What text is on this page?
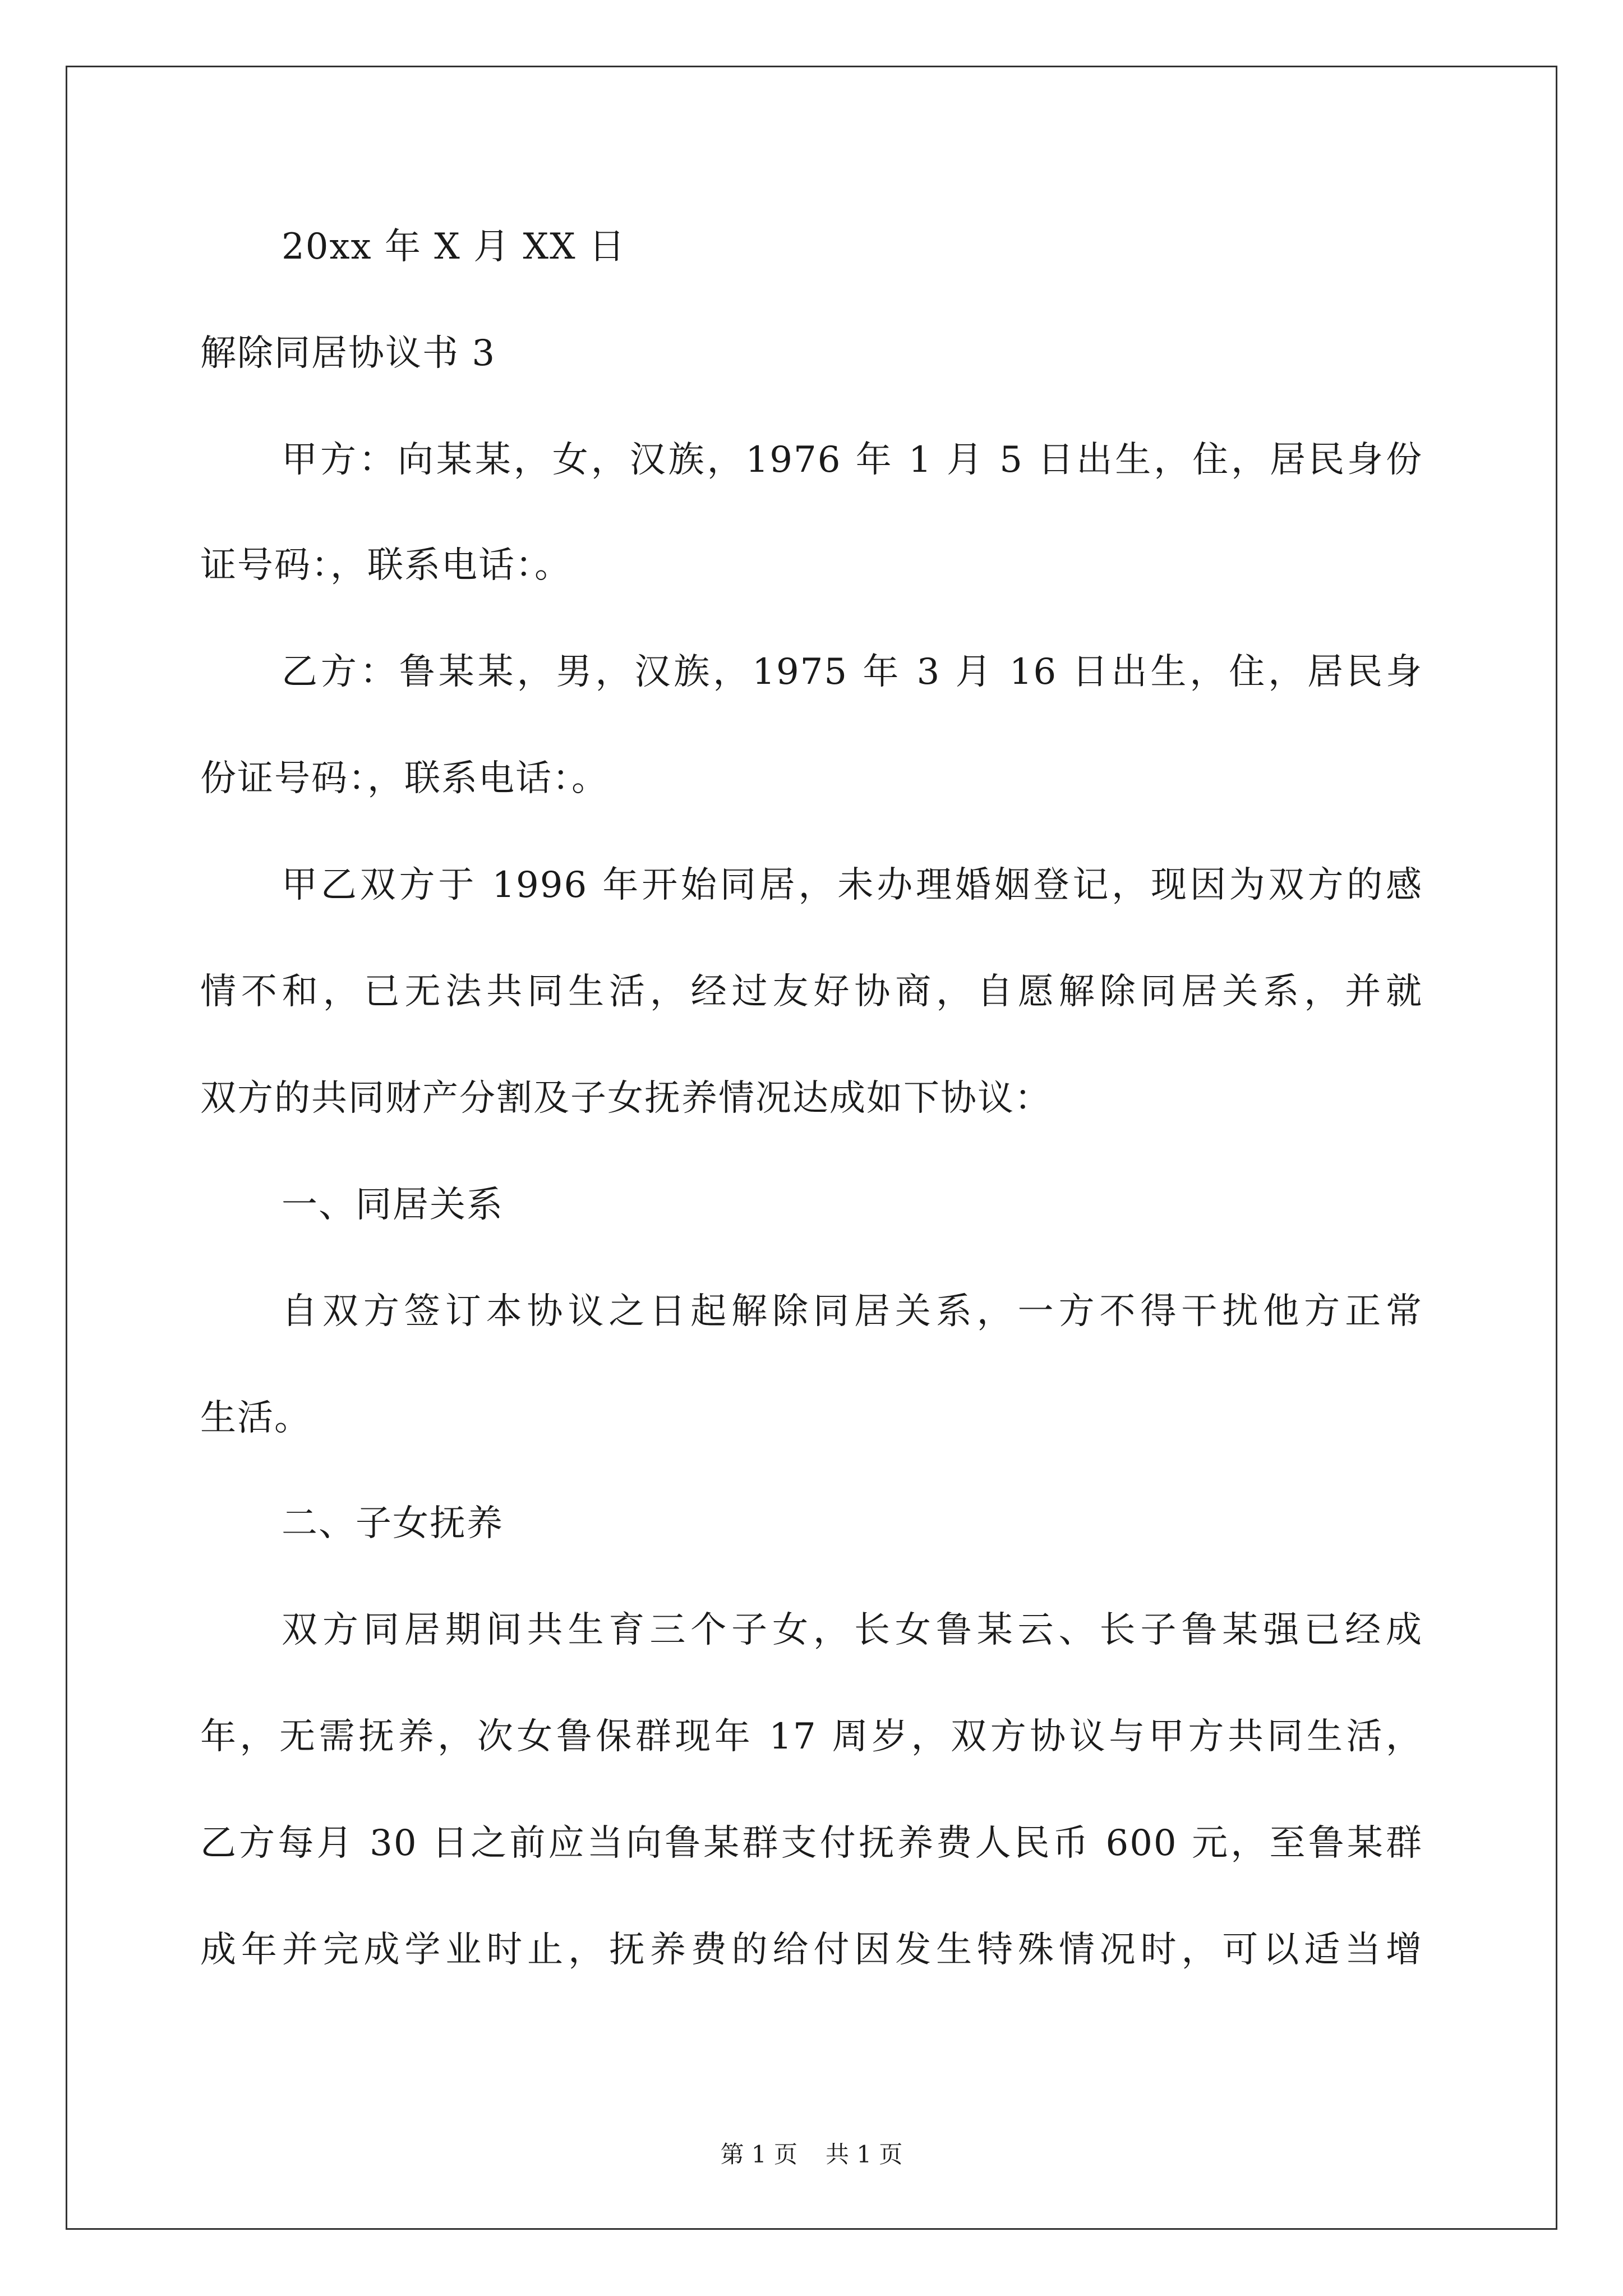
20xx 年 X 月 XX 日
解除同居协议书 3
甲方：向某某，女，汉族，1976 年 1 月 5 日出生，住，居民身份
证号码：，联系电话：。
乙方：鲁某某，男，汉族，1975 年 3 月 16 日出生，住，居民身
份证号码：，联系电话：。
甲乙双方于 1996 年开始同居，未办理婚姻登记，现因为双方的感
情不和，已无法共同生活，经过友好协商，自愿解除同居关系，并就
双方的共同财产分割及子女抚养情况达成如下协议：
一、同居关系
自双方签订本协议之日起解除同居关系，一方不得干扰他方正常
生活。
二、子女抚养
双方同居期间共生育三个子女，长女鲁某云、长子鲁某强已经成
年，无需抚养，次女鲁保群现年 17 周岁，双方协议与甲方共同生活，
乙方每月 30 日之前应当向鲁某群支付抚养费人民币 600 元，至鲁某群
成年并完成学业时止，抚养费的给付因发生特殊情况时，可以适当增
第 1 页 共 1 页
